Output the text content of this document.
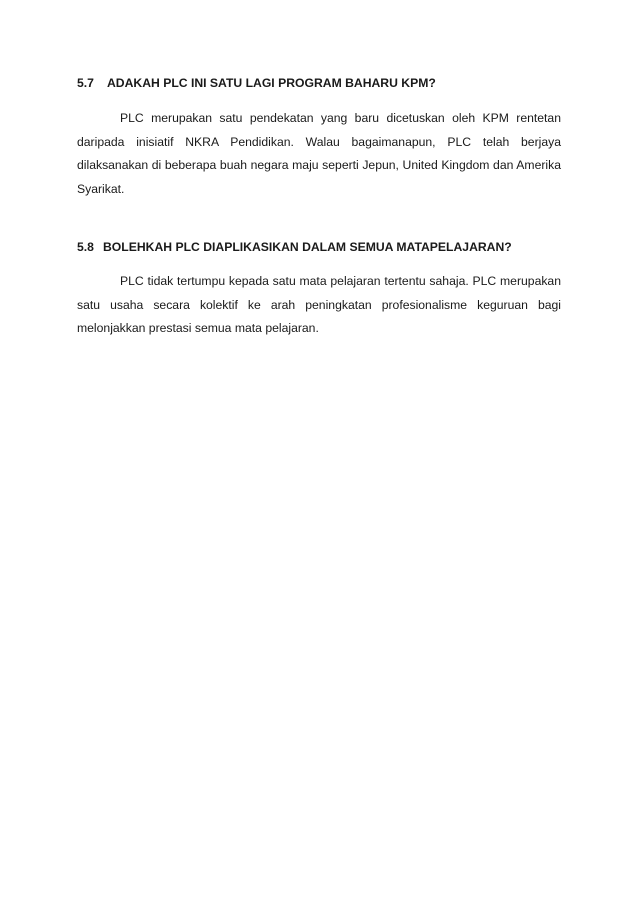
5.7 ADAKAH PLC INI SATU LAGI PROGRAM BAHARU KPM?

PLC merupakan satu pendekatan yang baru dicetuskan oleh KPM rentetan daripada inisiatif NKRA Pendidikan. Walau bagaimanapun, PLC telah berjaya dilaksanakan di beberapa buah negara maju seperti Jepun, United Kingdom dan Amerika Syarikat.

5.8 BOLEHKAH PLC DIAPLIKASIKAN DALAM SEMUA MATAPELAJARAN?

PLC tidak tertumpu kepada satu mata pelajaran tertentu sahaja. PLC merupakan satu usaha secara kolektif ke arah peningkatan profesionalisme keguruan bagi melonjakkan prestasi semua mata pelajaran.
